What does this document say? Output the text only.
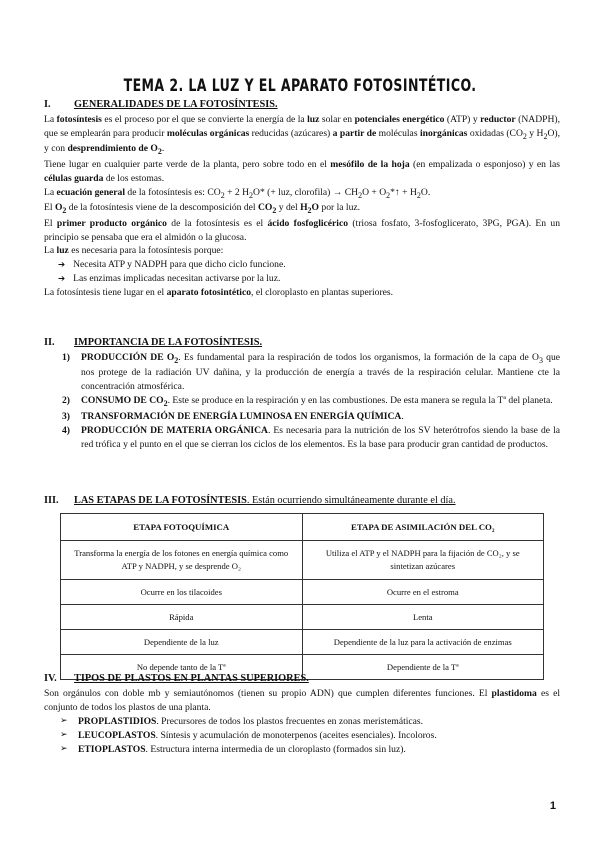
TEMA 2. LA LUZ Y EL APARATO FOTOSINTÉTICO.
I. GENERALIDADES DE LA FOTOSÍNTESIS.

La fotosíntesis es el proceso por el que se convierte la energía de la luz solar en potenciales energético (ATP) y reductor (NADPH), que se emplearán para producir moléculas orgánicas reducidas (azúcares) a partir de moléculas inorgánicas oxidadas ($CO_2$ y $H_2O$), y con desprendimiento de $O_2$.

Tiene lugar en cualquier parte verde de la planta, pero sobre todo en el mesófilo de la hoja (en empalizada o esponjoso) y en las células guarda de los estomas.

La ecuación general de la fotosíntesis es: $CO_2 + 2$ $H_2O*$ (+ luz, clorofila) → $CH_2O$ + $O_2*↑ + H_2O$.

El $O_2$ de la fotosíntesis viene de la descomposición del $CO_2$ y del $H_2O$ por la luz.

El primer producto orgánico de la fotosíntesis es el ácido fosfoglicérico (triosa fosfato, 3-fosfoglicerato, 3PG, PGA). En un principio se pensaba que era el almidón o la glucosa.

La luz es necesaria para la fotosíntesis porque:

➔ Necesita ATP y NADPH para que dicho ciclo funcione.
➔ Las enzimas implicadas necesitan activarse por la luz.

La fotosíntesis tiene lugar en el aparato fotosintético, el cloroplasto en plantas superiores.

II. IMPORTANCIA DE LA FOTOSÍNTESIS.
1) PRODUCCIÓN DE $O_2$. Es fundamental para la respiración de todos los organismos, la formación de la capa de $O_3$ que nos protege de la radiación UV dañina, y la producción de energía a través de la respiración celular. Mantiene cte la concentración atmosférica.
2) CONSUMO DE $CO_2$. Este se produce en la respiración y en las combustiones. De esta manera se regula la Tª del planeta.
3) TRANSFORMACIÓN DE ENERGÍA LUMINOSA EN ENERGÍA QUÍMICA.
4) PRODUCCIÓN DE MATERIA ORGÁNICA. Es necesaria para la nutrición de los SV heterótrofos siendo la base de la red trófica y el punto en el que se cierran los ciclos de los elementos. Es la base para producir gran cantidad de productos.
III. LAS ETAPAS DE LA FOTOSÍNTESIS. Están ocurriendo simultáneamente durante el día.
ETAPA FOTOQUÍMICA	ETAPA DE ASIMILACIÓN DEL CO₂
Transforma la energía de los fotones en energía química como ATP y NADPH, y se desprende O₂	Utiliza el ATP y el NADPH para la fijación de CO₂, y se sintetizan azúcares
Ocurre en los tilacoides	Ocurre en el estroma
Rápida	Lenta
Dependiente de la luz	Dependiente de la luz para la activación de enzimas
No depende tanto de la Tª	Dependiente de la Tª
IV. TIPOS DE PLASTOS EN PLANTAS SUPERIORES.

Son orgánulos con doble mb y semiautónomos (tienen su propio ADN) que cumplen diferentes funciones. El plastidoma es el conjunto de todos los plastos de una planta.

➢ PROPLASTIDIOS. Precursores de todos los plastos frecuentes en zonas meristemáticas.
➢ LEUCOPLASTOS. Síntesis y acumulación de monoterpenos (aceites esenciales). Incoloros.
➢ ETIOPLASTOS. Estructura interna intermedia de un cloroplasto (formados sin luz).
1
